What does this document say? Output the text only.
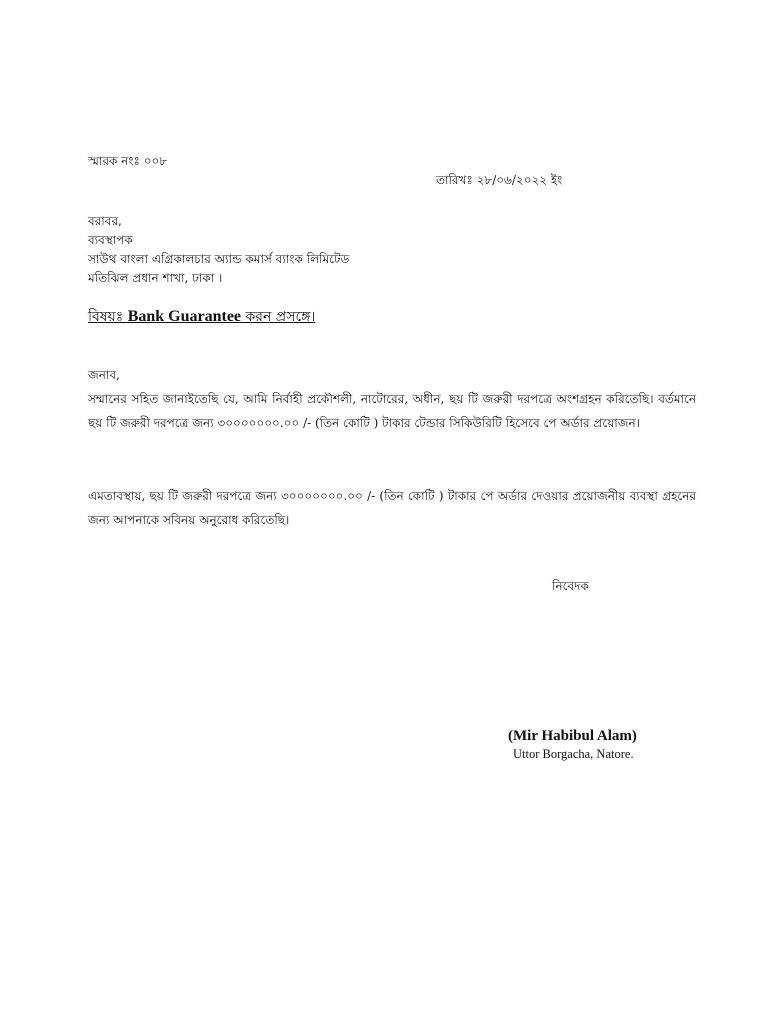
স্মারক নংঃ ০০৮
তারিখঃ ২৮/০৬/২০২২ ইং
বরাবর,
ব্যবস্থাপক
সাউথ বাংলা এগ্রিকালচার অ্যান্ড কমার্স ব্যাংক লিমিটেড
মতিঝিল প্রধান শাখা, ঢাকা ।
বিষয়ঃ Bank Guarantee করন প্রসঙ্গে।
জনাব,
সম্মানের সহিত জানাইতেছি যে, আমি নির্বাহী প্রকৌশলী, নাটোরের, অধীন, ছয় টি জরুরী দরপত্রে অংশগ্রহন করিতেছি। বর্তমানে ছয় টি জরুরী দরপত্রে জন্য ৩০০০০০০০.০০ /- (তিন কোটি ) টাকার টেন্ডার সিকিউরিটি হিসেবে পে অর্ডার প্রয়োজন।
এমতাবস্থায়, ছয় টি জরুরী দরপত্রে জন্য ৩০০০০০০০.০০ /- (তিন কোটি ) টাকার পে অর্ডার দেওয়ার প্রয়োজনীয় ব্যবস্থা গ্রহনের জন্য আপনাকে সবিনয় অনুরোধ করিতেছি।
নিবেদক
(Mir Habibul Alam)
Uttor Borgacha, Natore.
